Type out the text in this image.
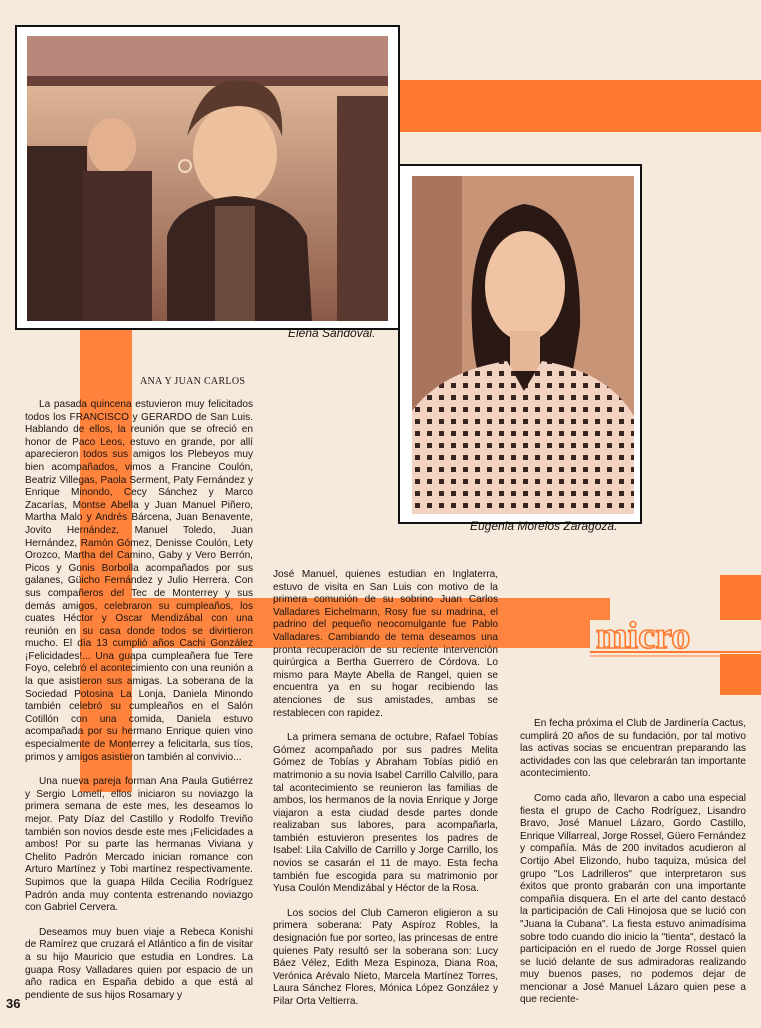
Elena Sandoval.
Eugenia Morelos Zaragoza.
micro
ANA Y JUAN CARLOS

La pasada quincena estuvieron muy felicitados todos los FRANCISCO y GERARDO de San Luis. Hablando de ellos, la reunión que se ofreció en honor de Paco Leos, estuvo en grande, por allí aparecieron todos sus amigos los Plebeyos muy bien acompañados, vimos a Francine Coulón, Beatriz Villegas, Paola Serment, Paty Fernández y Enrique Minondo, Cecy Sánchez y Marco Zacarías, Montse Abella y Juan Manuel Piñero, Martha Malo y Andrés Bárcena, Juan Benavente, Jovito Hernández, Manuel Toledo, Juan Hernández, Ramón Gómez, Denisse Coulón, Lety Orozco, Martha del Camino, Gaby y Vero Berrón, Picos y Gonis Borbolla acompañados por sus galanes, Güicho Fernández y Julio Herrera. Con sus compañeros del Tec de Monterrey y sus demás amigos, celebraron su cumpleaños, los cuates Héctor y Oscar Mendizábal con una reunión en su casa donde todos se divirtieron mucho. El día 13 cumplió años Cachi González ¡Felicidades!... Una guapa cumpleañera fue Tere Foyo, celebró el acontecimiento con una reunión a la que asistieron sus amigas. La soberana de la Sociedad Potosina La Lonja, Daniela Minondo también celebró su cumpleaños en el Salón Cotillón con una comida, Daniela estuvo acompañada por su hermano Enrique quien vino especialmente de Monterrey a felicitarla, sus tíos, primos y amigos asistieron también al convivio...

Una nueva pareja forman Ana Paula Gutiérrez y Sergio Lomelí, ellos iniciaron su noviazgo la primera semana de este mes, les deseamos lo mejor. Paty Díaz del Castillo y Rodolfo Treviño también son novios desde este mes ¡Felicidades a ambos! Por su parte las hermanas Viviana y Chelito Padrón Mercado inician romance con Arturo Martínez y Tobi martínez respectivamente. Supimos que la guapa Hilda Cecilia Rodríguez Padrón anda muy contenta estrenando noviazgo con Gabriel Cervera.

Deseamos muy buen viaje a Rebeca Konishi de Ramírez que cruzará el Atlántico a fin de visitar a su hijo Mauricio que estudia en Londres. La guapa Rosy Valladares quien por espacio de un año radica en España debido a que está al pendiente de sus hijos Rosamary y

José Manuel, quienes estudian en Inglaterra, estuvo de visita en San Luis con motivo de la primera comunión de su sobrino Juan Carlos Valladares Eichelmann, Rosy fue su madrina, el padrino del pequeño neocomulgante fue Pablo Valladares. Cambiando de tema deseamos una pronta recuperación de su reciente intervención quirúrgica a Bertha Guerrero de Córdova. Lo mismo para Mayte Abella de Rangel, quien se encuentra ya en su hogar recibiendo las atenciones de sus amistades, ambas se restablecen con rapidez.

La primera semana de octubre, Rafael Tobías Gómez acompañado por sus padres Melita Gómez de Tobías y Abraham Tobías pidió en matrimonio a su novia Isabel Carrillo Calvillo, para tal acontecimiento se reunieron las familias de ambos, los hermanos de la novia Enrique y Jorge viajaron a esta ciudad desde partes donde realizaban sus labores, para acompañarla, también estuvieron presentes los padres de Isabel: Lila Calvillo de Carrillo y Jorge Carrillo, los novios se casarán el 11 de mayo. Esta fecha también fue escogida para su matrimonio por Yusa Coulón Mendizábal y Héctor de la Rosa.

Los socios del Club Cameron eligieron a su primera soberana: Paty Aspíroz Robles, la designación fue por sorteo, las princesas de entre quienes Paty resultó ser la soberana son: Lucy Báez Vélez, Edith Meza Espinoza, Diana Roa, Verónica Arévalo Nieto, Marcela Martínez Torres, Laura Sánchez Flores, Mónica López González y Pilar Orta Veltierra.

En fecha próxima el Club de Jardinería Cactus, cumplirá 20 años de su fundación, por tal motivo las activas socias se encuentran preparando las actividades con las que celebrarán tan importante acontecimiento.

Como cada año, llevaron a cabo una especial fiesta el grupo de Cacho Rodríguez, Lisandro Bravo, José Manuel Lázaro, Gordo Castillo, Enrique Villarreal, Jorge Rossel, Güero Fernández y compañía. Más de 200 invitados acudieron al Cortijo Abel Elizondo, hubo taquiza, música del grupo "Los Ladrilleros" que interpretaron sus éxitos que pronto grabarán con una importante compañía disquera. En el arte del canto destacó la participación de Cali Hinojosa que se lució con "Juana la Cubana". La fiesta estuvo animadísima sobre todo cuando dio inicio la "tienta", destacó la participación en el ruedo de Jorge Rossel quien se lució delante de sus admiradoras realizando muy buenos pases, no podemos dejar de mencionar a José Manuel Lázaro quien pese a que reciente-

36
